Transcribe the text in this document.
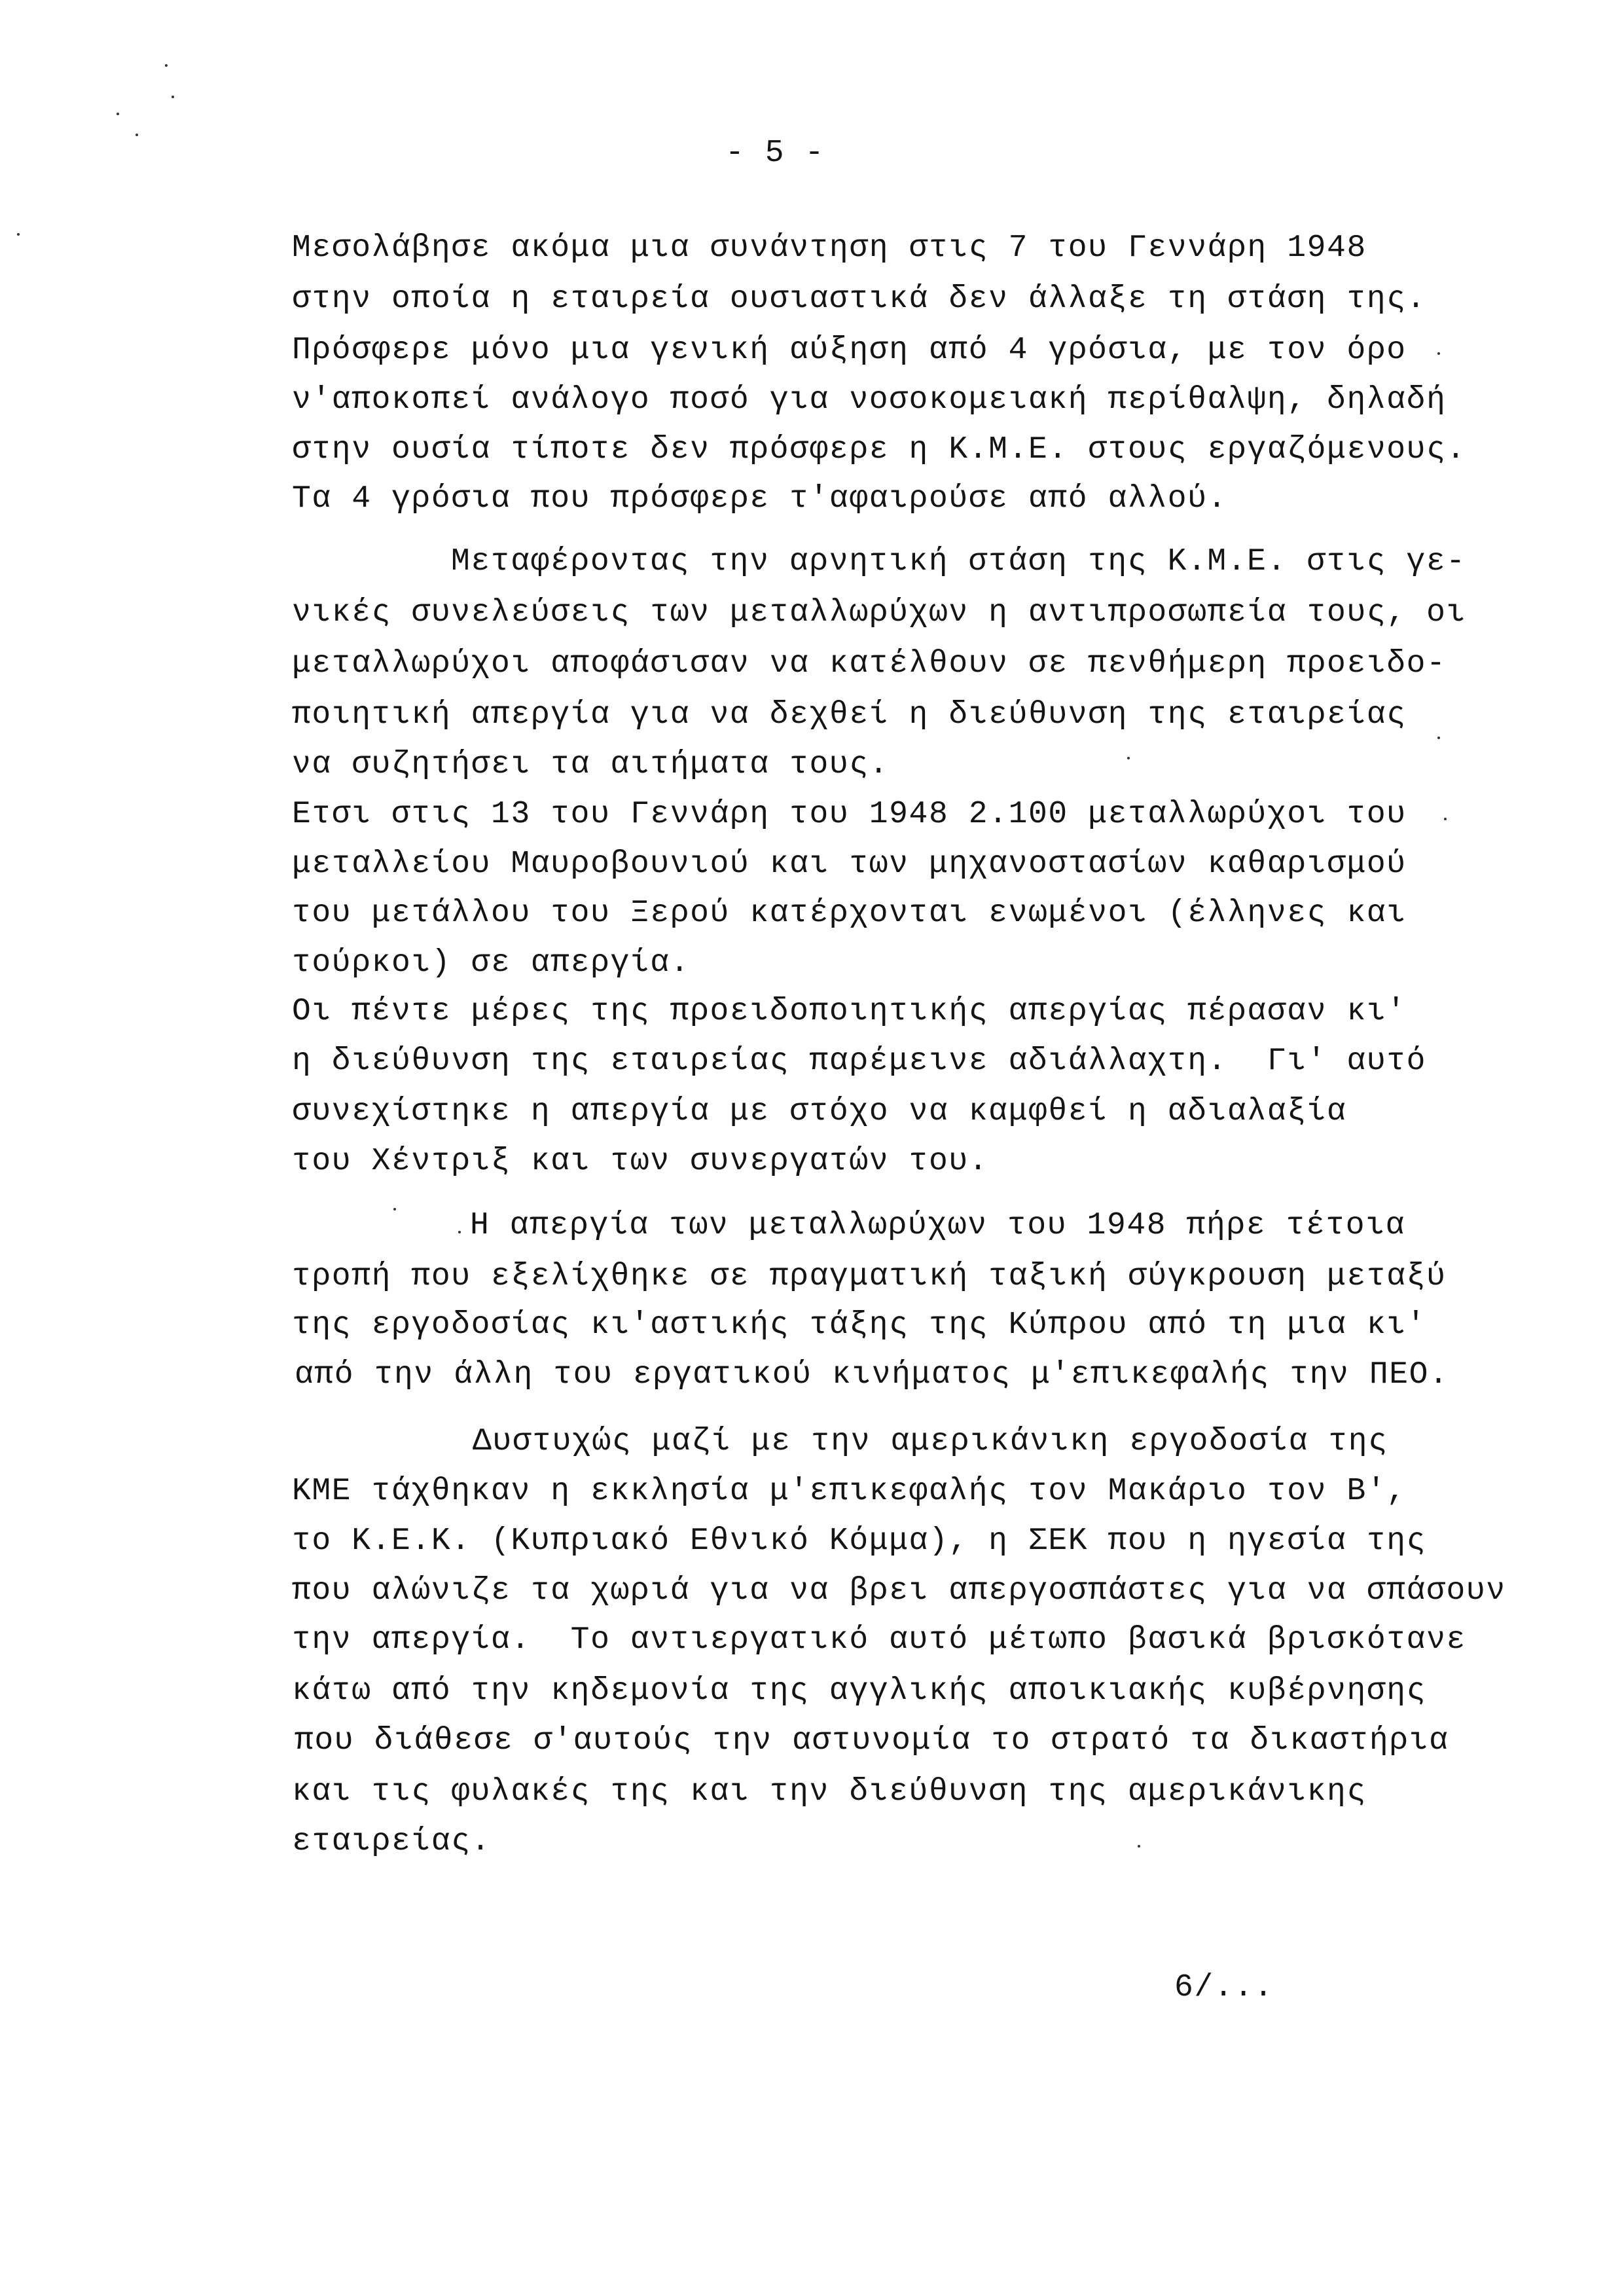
- 5 -
Μεσολάβησε ακόμα μια συνάντηση στις 7 του Γεννάρη 1948
στην οποία η εταιρεία ουσιαστικά δεν άλλαξε τη στάση της.
Πρόσφερε μόνο μια γενική αύξηση από 4 γρόσια, με τον όρο
ν'αποκοπεί ανάλογο ποσό για νοσοκομειακή περίθαλψη, δηλαδή
στην ουσία τίποτε δεν πρόσφερε η Κ.Μ.Ε. στους εργαζόμενους.
Τα 4 γρόσια που πρόσφερε τ'αφαιρούσε από αλλού.
Μεταφέροντας την αρνητική στάση της Κ.Μ.Ε. στις γε-
νικές συνελεύσεις των μεταλλωρύχων η αντιπροσωπεία τους, οι
μεταλλωρύχοι αποφάσισαν να κατέλθουν σε πενθήμερη προειδο-
ποιητική απεργία για να δεχθεί η διεύθυνση της εταιρείας
να συζητήσει τα αιτήματα τους.
Ετσι στις 13 του Γεννάρη του 1948 2.100 μεταλλωρύχοι του
μεταλλείου Μαυροβουνιού και των μηχανοστασίων καθαρισμού
του μετάλλου του Ξερού κατέρχονται ενωμένοι (έλληνες και
τούρκοι) σε απεργία.
Οι πέντε μέρες της προειδοποιητικής απεργίας πέρασαν κι'
η διεύθυνση της εταιρείας παρέμεινε αδιάλλαχτη.  Γι' αυτό
συνεχίστηκε η απεργία με στόχο να καμφθεί η αδιαλαξία
του Χέντριξ και των συνεργατών του.
Η απεργία των μεταλλωρύχων του 1948 πήρε τέτοια
τροπή που εξελίχθηκε σε πραγματική ταξική σύγκρουση μεταξύ
της εργοδοσίας κι'αστικής τάξης της Κύπρου από τη μια κι'
από την άλλη του εργατικού κινήματος μ'επικεφαλής την ΠΕΟ.
Δυστυχώς μαζί με την αμερικάνικη εργοδοσία της
ΚΜΕ τάχθηκαν η εκκλησία μ'επικεφαλής τον Μακάριο τον Β',
το Κ.Ε.Κ. (Κυπριακό Εθνικό Κόμμα), η ΣΕΚ που η ηγεσία της
που αλώνιζε τα χωριά για να βρει απεργοσπάστες για να σπάσουν
την απεργία.  Το αντιεργατικό αυτό μέτωπο βασικά βρισκότανε
κάτω από την κηδεμονία της αγγλικής αποικιακής κυβέρνησης
που διάθεσε σ'αυτούς την αστυνομία το στρατό τα δικαστήρια
και τις φυλακές της και την διεύθυνση της αμερικάνικης
εταιρείας.
6/...
